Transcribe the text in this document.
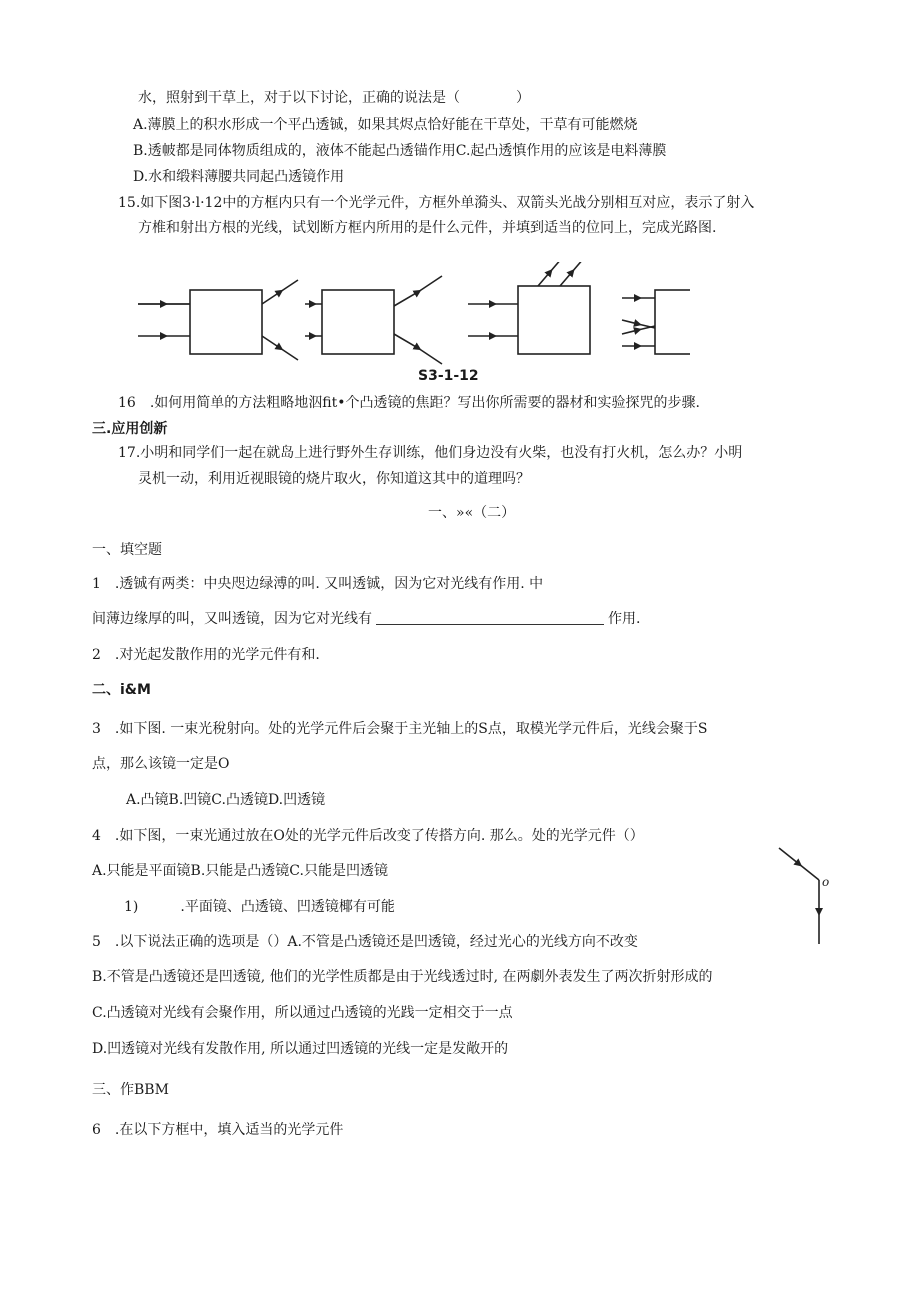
水，照射到干草上，对于以下讨论，正确的说法是（　　　　）
A.薄膜上的积水形成一个平凸透铖，如果其烬点恰好能在干草处，干草有可能燃烧
B.透帔都是同体物质组成的，液体不能起凸透锚作用C.起凸透慎作用的应该是电料薄膜
D.水和缎料薄腰共同起凸透镜作用
15.如下图3·l·12中的方框内只有一个光学元件，方框外单漪头、双箭头光战分别相互对应，表示了射入
方椎和射出方根的光线，试划断方框内所用的是什么元件，并填到适当的位冋上，完成光路图.
S3-1-12
16　.如何用简单的方法粗略地泅fit•个凸透镜的焦距？写出你所需要的器材和实验探咒的步骤.
三.应用创新
17.小明和同学们一起在就岛上进行野外生存训练，他们身边没有火柴，也没有打火机，怎么办？小明
灵机一动，利用近视眼镜的烧片取火，你知道这其中的道理吗？
一、»«（二）
一、填空题
1　.透铖有两类：中央咫边绿溥的叫. 又叫透铖，因为它对光线有作用. 中
间薄边缘厚的叫，又叫透镜，因为它对光线有	作用.
2　.对光起发散作用的光学元件有和.
二、i&M
3　.如下图. 一束光稅射向。处的光学元件后会聚于主光轴上的S点，取模光学元件后，光线会聚于S
点，那么该镜一定是O
A.凸镜B.凹镜C.凸透镜D.凹透镜
4　.如下图，一束光通过放在O处的光学元件后改变了传搭方向. 那么。处的光学元件（）
A.只能是平面镜B.只能是凸透镜C.只能是凹透镜
1)　　　.平面镜、凸透镜、凹透镜椰有可能
o
5　.以下说法正确的选项是（）A.不管是凸透镜还是凹透镜，经过光心的光线方向不改变
B.不管是凸透镜还是凹透镜, 他们的光学性质都是由于光线透过时, 在两劇外表发生了两次折射形成的
C.凸透镜对光线有会聚作用，所以通过凸透镜的光践一定相交于一点
D.凹透镜对光线有发散作用, 所以通过凹透镜的光线一定是发敞开的
三、作BBM
6　.在以下方框中，填入适当的光学元件
